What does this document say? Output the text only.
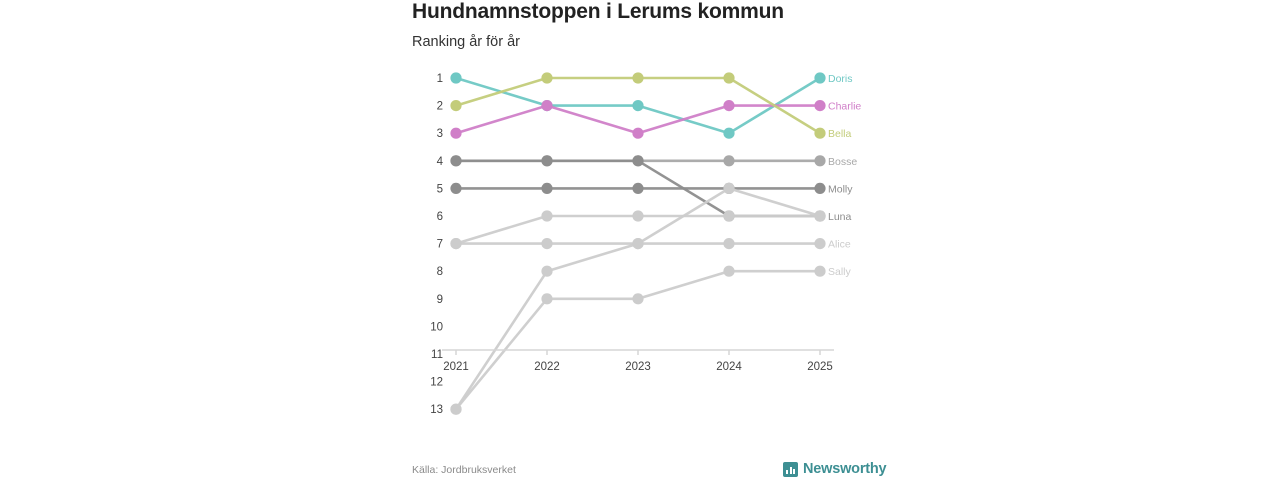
Hundnamnstoppen i Lerums kommun
Ranking år för år
1
2
3
4
5
6
7
8
9
10
11
12
13
Doris
Charlie
Bella
Bosse
Molly
Luna
Alice
Sally
2021	2022	2023	2024	2025
Källa: Jordbruksverket	Newsworthy
